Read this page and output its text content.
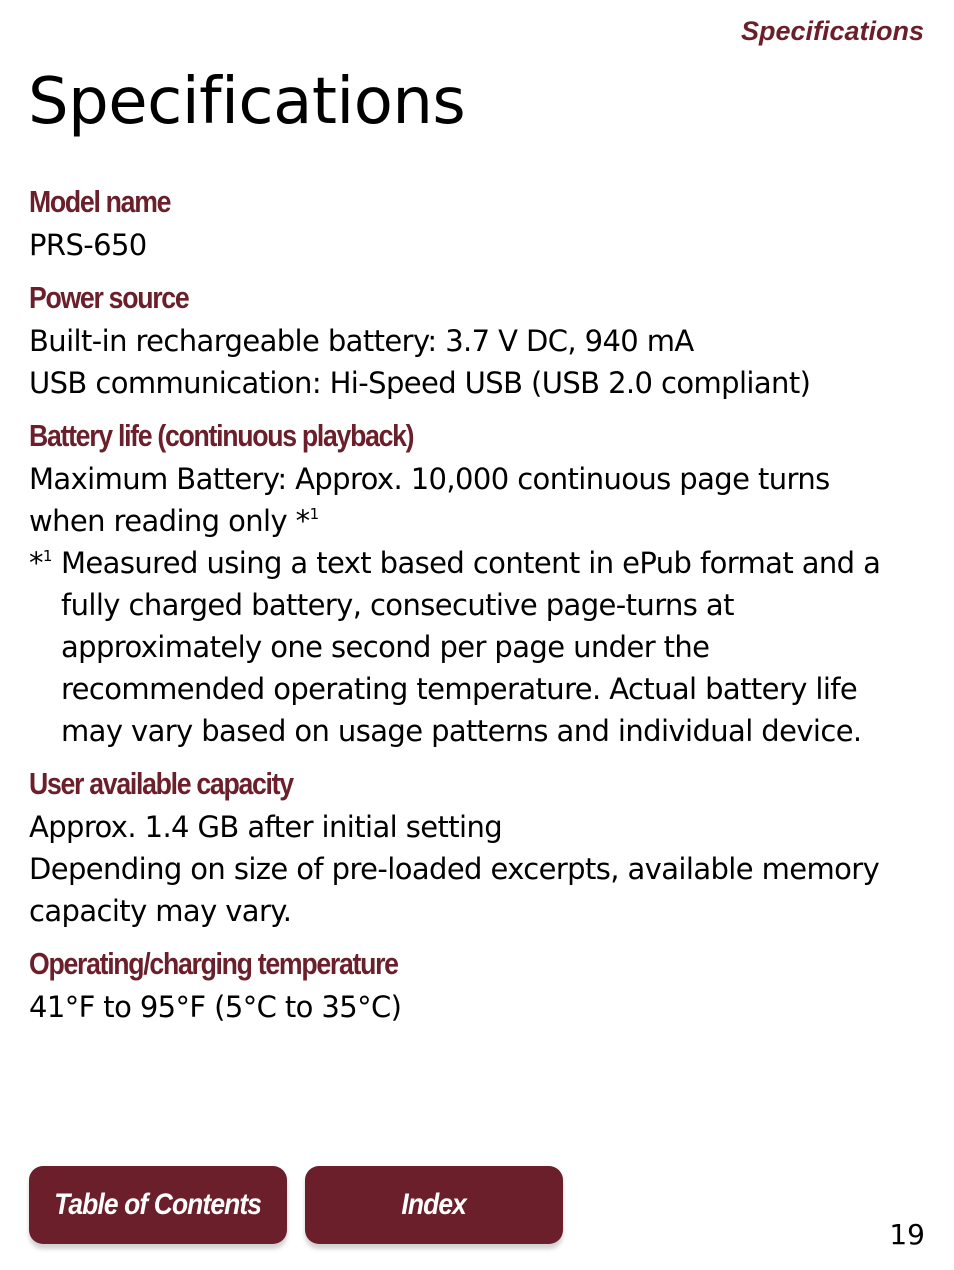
Specifications
Specifications
Model name
PRS-650
Power source
Built-in rechargeable battery: 3.7 V DC, 940 mA
USB communication: Hi-Speed USB (USB 2.0 compliant)
Battery life (continuous playback)
Maximum Battery: Approx. 10,000 continuous page turns
when reading only *$^1$
*$^1$ Measured using a text based content in ePub format and a
fully charged battery, consecutive page-turns at
approximately one second per page under the
recommended operating temperature. Actual battery life
may vary based on usage patterns and individual device.
User available capacity
Approx. 1.4 GB after initial setting
Depending on size of pre-loaded excerpts, available memory
capacity may vary.
Operating/charging temperature
41°F to 95°F (5°C to 35°C)
Table of Contents	Index
19
